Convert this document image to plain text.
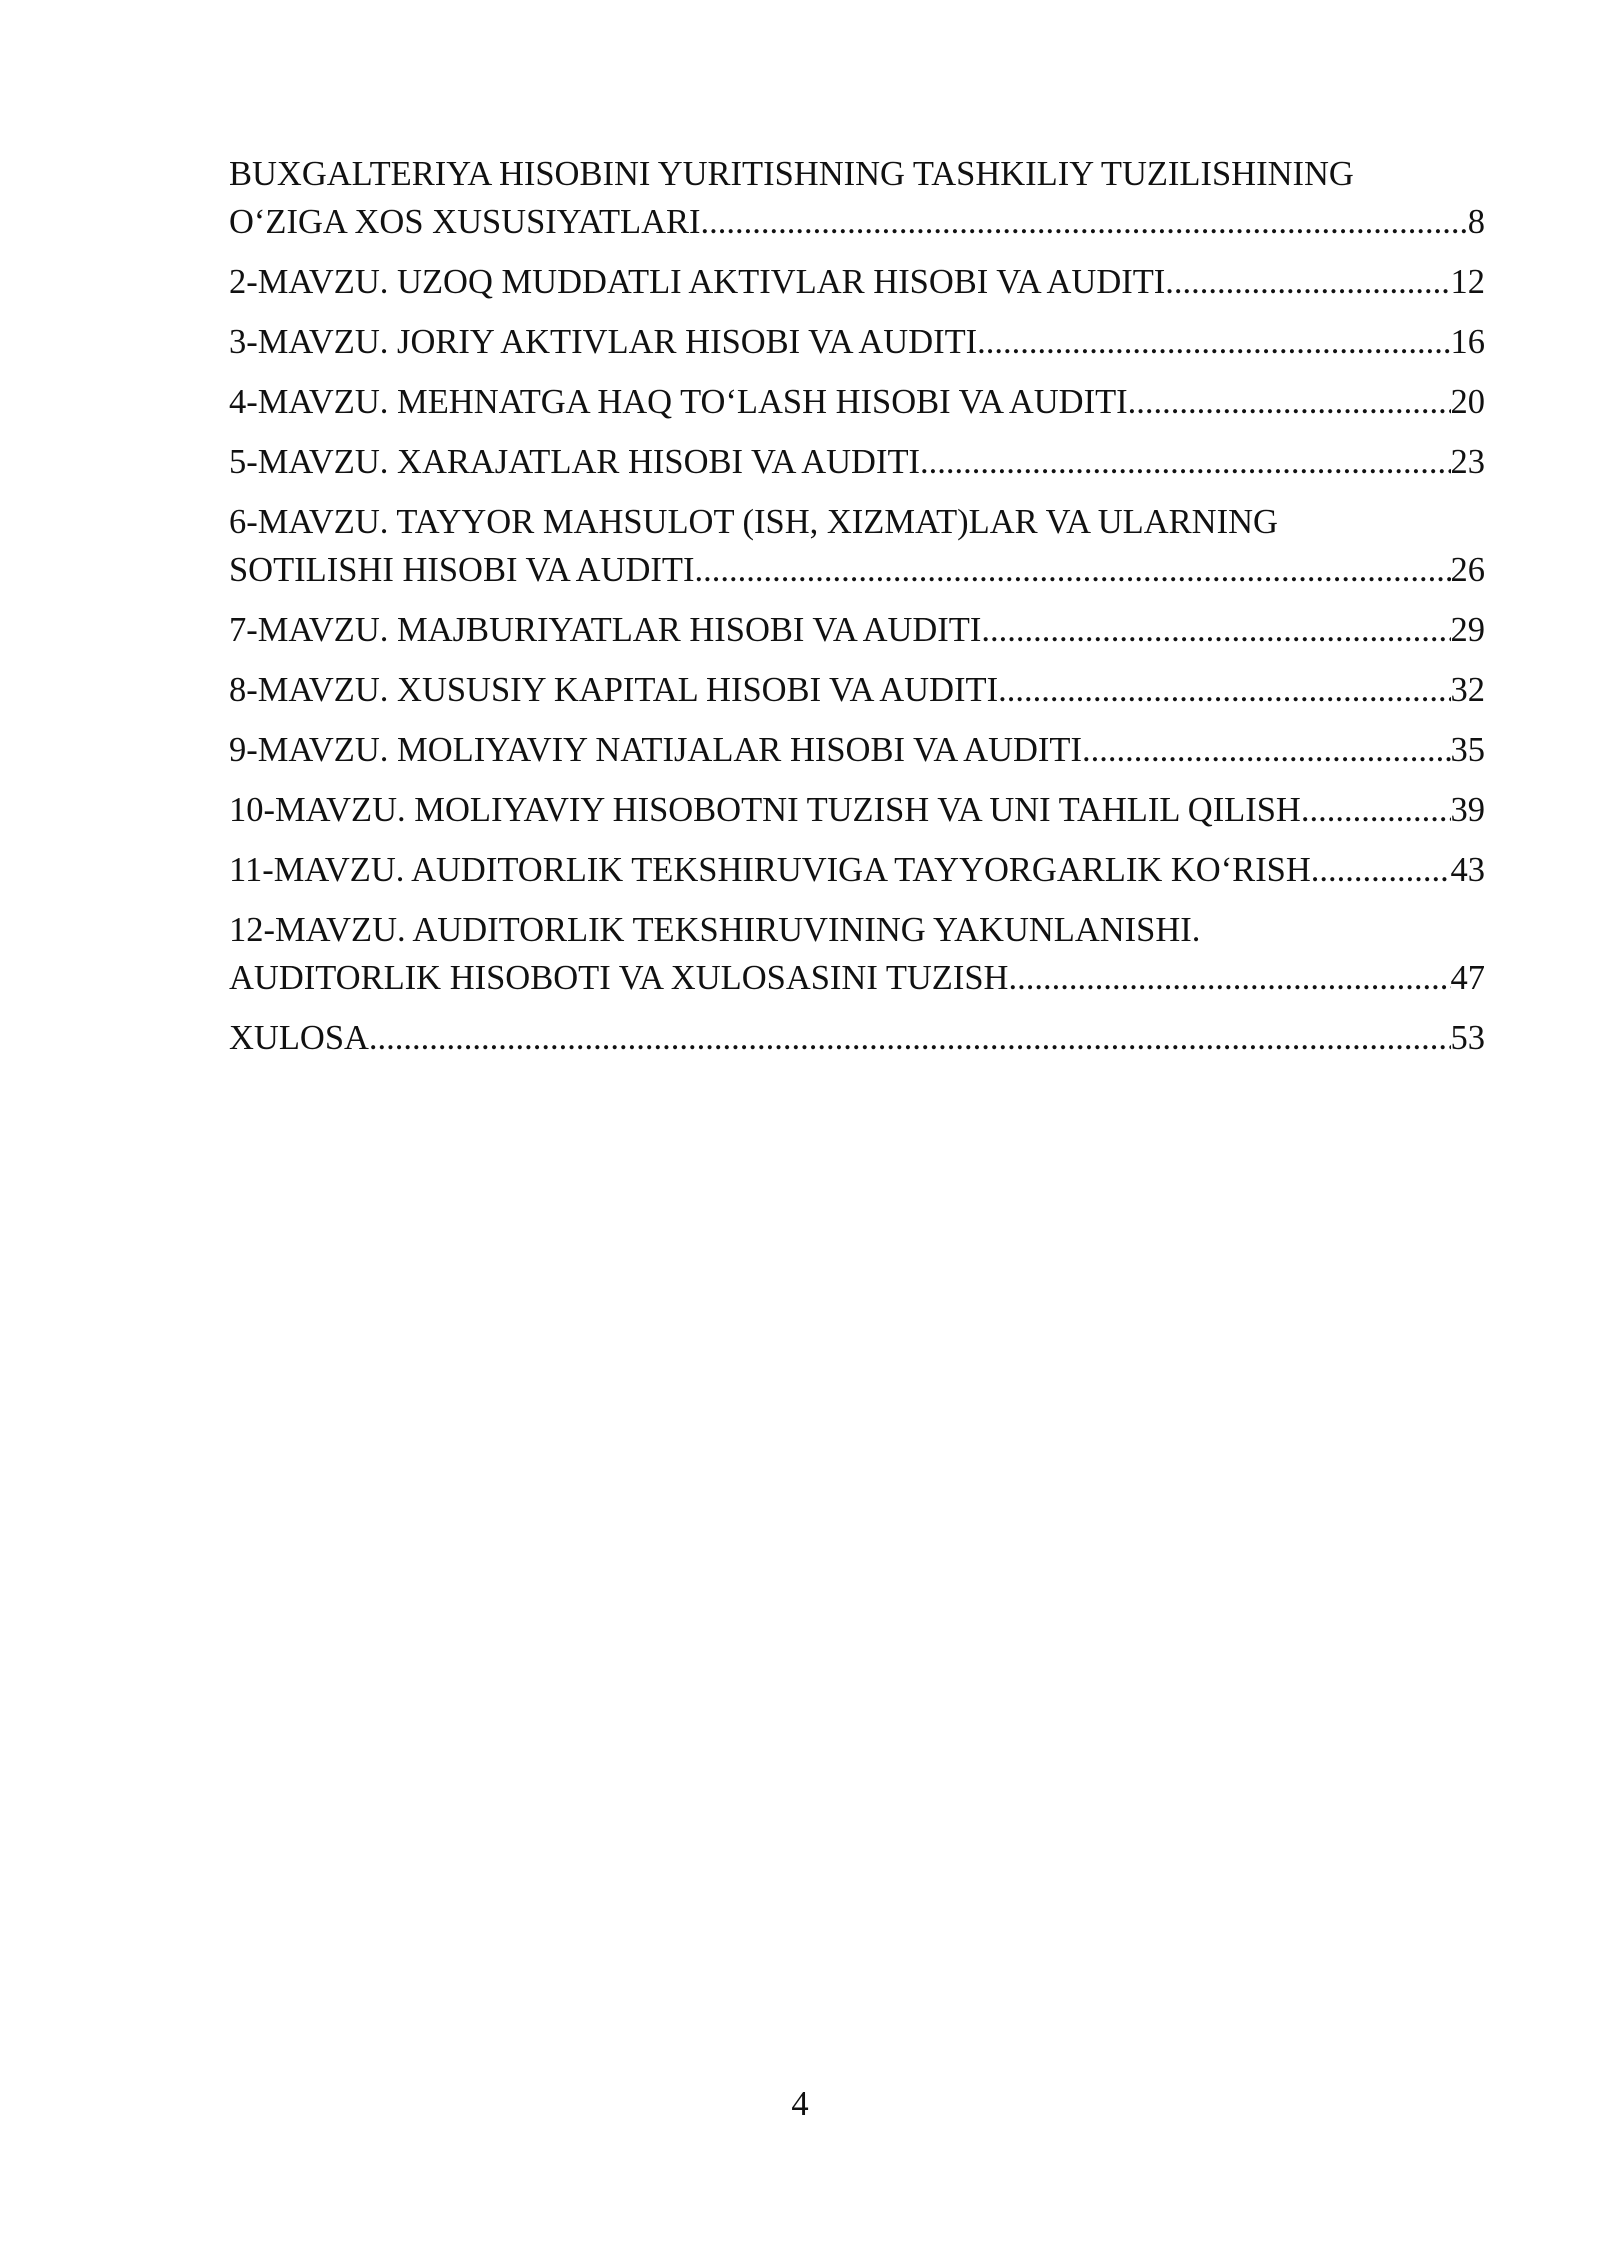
BUXGALTERIYA HISOBINI YURITISHNING TASHKILIY TUZILISHINING
O‘ZIGA XOS XUSUSIYATLARI .....	8
2-MAVZU. UZOQ MUDDATLI AKTIVLAR HISOBI VA AUDITI .....	12
3-MAVZU. JORIY AKTIVLAR HISOBI VA AUDITI .....	16
4-MAVZU. MEHNATGA HAQ TO‘LASH HISOBI VA AUDITI .....	20
5-MAVZU. XARAJATLAR HISOBI VA AUDITI .....	23
6-MAVZU. TAYYOR MAHSULOT (ISH, XIZMAT)LAR VA ULARNING
SOTILISHI HISOBI VA AUDITI .....	26
7-MAVZU. MAJBURIYATLAR HISOBI VA AUDITI .....	29
8-MAVZU. XUSUSIY KAPITAL HISOBI VA AUDITI .....	32
9-MAVZU. MOLIYAVIY NATIJALAR HISOBI VA AUDITI .....	35
10-MAVZU. MOLIYAVIY HISOBOTNI TUZISH VA UNI TAHLIL QILISH. .....	39
11-MAVZU. AUDITORLIK TEKSHIRUVIGA TAYYORGARLIK KO‘RISH .....	43
12-MAVZU. AUDITORLIK TEKSHIRUVINING YAKUNLANISHI.
AUDITORLIK HISOBOTI VA XULOSASINI TUZISH .....	47
XULOSA .....	53
4
